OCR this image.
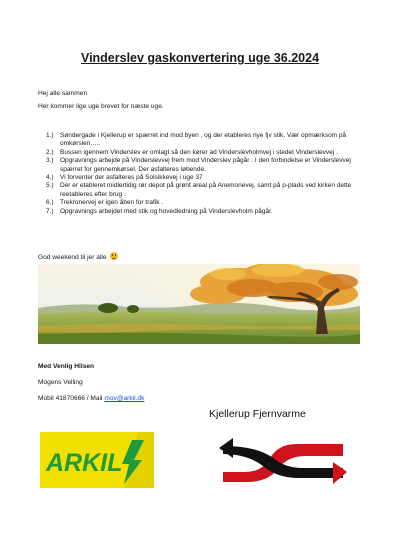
Vinderslev gaskonvertering uge 36.2024
Hej alle sammen
Her kommer lige uge brevet for næste uge.
1.) Søndergade i Kjellerup er spærret ind mod byen , og der etableres nye fjv stik. Vær opmærksom på omkørslen…..
2.) Bussen igennem Vinderslev er omlagt så den kører ad Vinderslevholmvej i stedet Vinderslevvej .
3.) Opgravnings arbejde på Vinderslevvej frem mod Vinderslev pågår . I den forbindelse er Vinderslevvej spærret for gennemkørsel. Der asfalteres løbende.
4.) Vi forventer der asfalteres på Solsikkevej i uge 37
5.) Der er etableret midlertidig rør depot på grønt areal på Anemonevej, samt på p-plads ved kirken dette reetableres efter brug .
6.) Trekronervej er igen åben for trafik .
7.) Opgravnings arbejdet med stik og hovedledning på Vinderslevholm pågår.
God weekend til jer alle
Med Venlig Hilsen
Mogens Velling
Mobil 41870666 / Mail mov@arkil.dk
Kjellerup Fjernvarme
ARKIL
